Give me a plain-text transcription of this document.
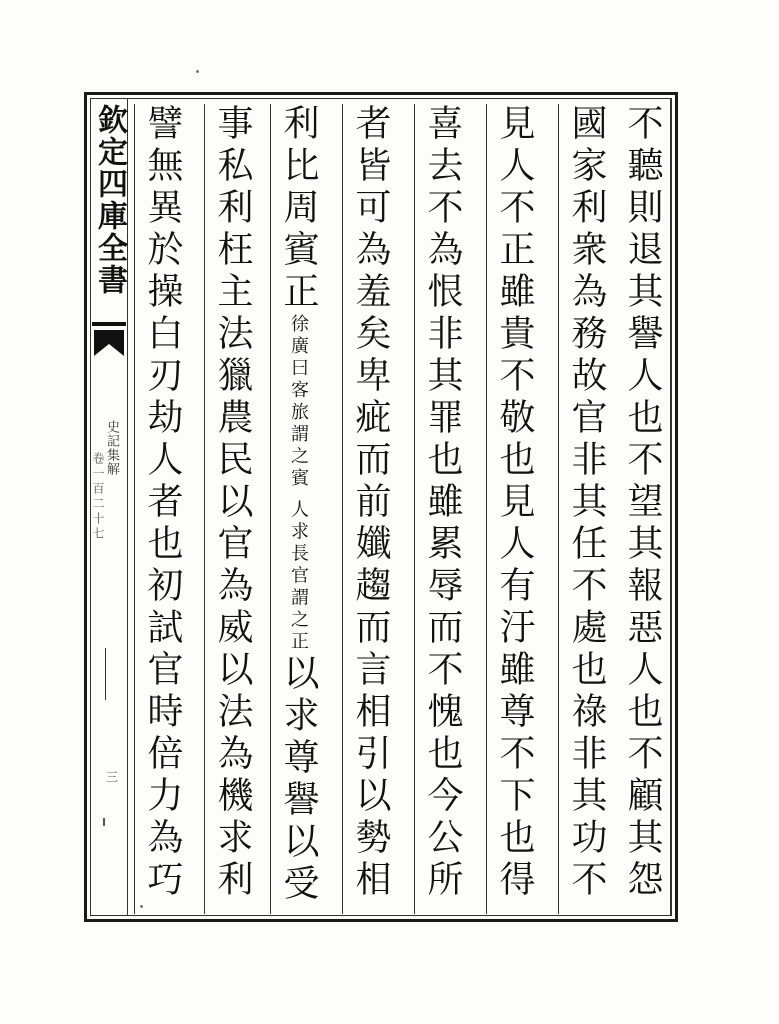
欽定四庫全書
史記集解
卷一百二十七
三
不聽則退其譽人也不望其報惡人也不顧其怨
國家利衆為務故官非其任不處也祿非其功不
見人不正雖貴不敬也見人有汙雖尊不下也得
喜去不為恨非其罪也雖累辱而不愧也今公所
者皆可為羞矣卑疵而前孅趨而言相引以勢相
利比周賓正徐廣曰客旅謂之賓 人求長官謂之正以求尊譽以受
事私利枉主法獵農民以官為威以法為機求利
譬無異於操白刃劫人者也初試官時倍力為巧
